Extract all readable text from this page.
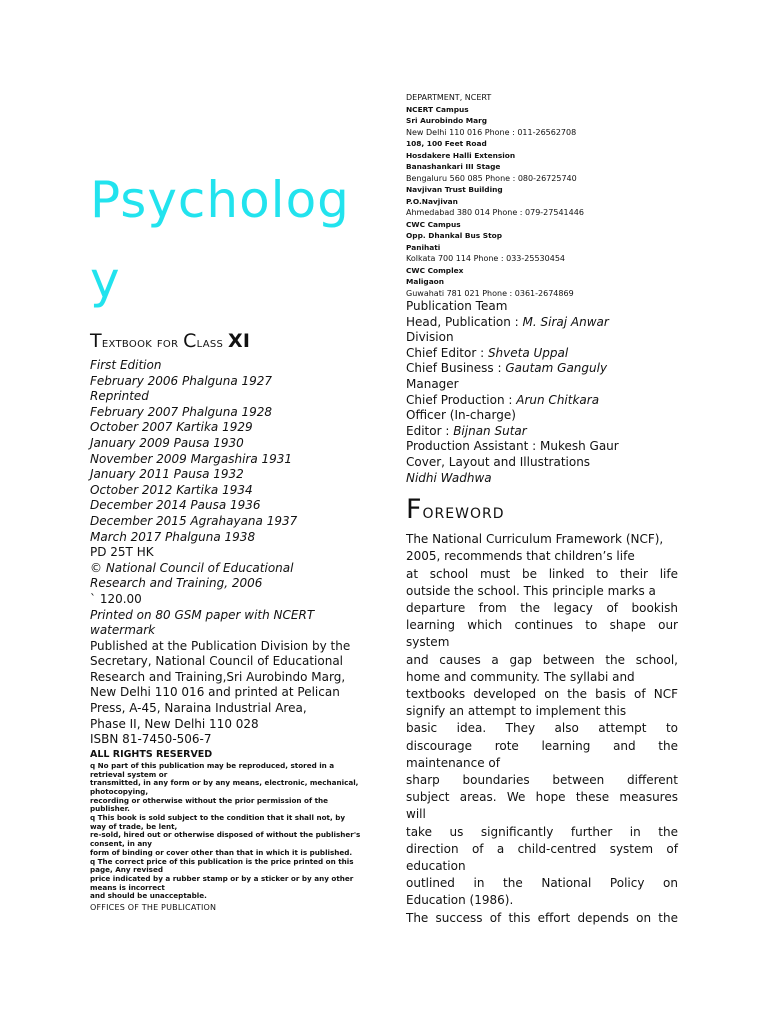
Psycholog
y
Textbook for Class XI

First Edition

February 2006 Phalguna 1927

Reprinted

February 2007 Phalguna 1928

October 2007 Kartika 1929

January 2009 Pausa 1930

November 2009 Margashira 1931

January 2011 Pausa 1932

October 2012 Kartika 1934

December 2014 Pausa 1936

December 2015 Agrahayana 1937

March 2017 Phalguna 1938

PD 25T HK

© National Council of Educational

Research and Training, 2006

` 120.00

Printed on 80 GSM paper with NCERT

watermark

Published at the Publication Division by the

Secretary, National Council of Educational

Research and Training,Sri Aurobindo Marg,

New Delhi 110 016 and printed at Pelican

Press, A-45, Naraina Industrial Area,

Phase II, New Delhi 110 028

ISBN 81-7450-506-7

ALL RIGHTS RESERVED

q No part of this publication may be reproduced, stored in a

retrieval system or

transmitted, in any form or by any means, electronic, mechanical,

photocopying,

recording or otherwise without the prior permission of the

publisher.

q This book is sold subject to the condition that it shall not, by

way of trade, be lent,

re-sold, hired out or otherwise disposed of without the publisher's

consent, in any

form of binding or cover other than that in which it is published.

q The correct price of this publication is the price printed on this

page, Any revised

price indicated by a rubber stamp or by a sticker or by any other

means is incorrect

and should be unacceptable.

OFFICES OF THE PUBLICATION

DEPARTMENT, NCERT

NCERT Campus

Sri Aurobindo Marg

New Delhi 110 016 Phone : 011-26562708

108, 100 Feet Road

Hosdakere Halli Extension

Banashankari III Stage

Bengaluru 560 085 Phone : 080-26725740

Navjivan Trust Building

P.O.Navjivan

Ahmedabad 380 014 Phone : 079-27541446

CWC Campus

Opp. Dhankal Bus Stop

Panihati

Kolkata 700 114 Phone : 033-25530454

CWC Complex

Maligaon

Guwahati 781 021 Phone : 0361-2674869

Publication Team

Head, Publication : M. Siraj Anwar

Division

Chief Editor : Shveta Uppal

Chief Business : Gautam Ganguly

Manager

Chief Production : Arun Chitkara

Officer (In-charge)

Editor : Bijnan Sutar

Production Assistant : Mukesh Gaur

Cover, Layout and Illustrations

Nidhi Wadhwa

Foreword

The National Curriculum Framework (NCF),

2005, recommends that children’s life

at school must be linked to their life

outside the school. This principle marks a

departure from the legacy of bookish

learning which continues to shape our

system

and causes a gap between the school,

home and community. The syllabi and

textbooks developed on the basis of NCF

signify an attempt to implement this

basic idea. They also attempt to

discourage rote learning and the

maintenance of

sharp boundaries between different

subject areas. We hope these measures

will

take us significantly further in the

direction of a child-centred system of

education

outlined in the National Policy on

Education (1986).

The success of this effort depends on the
